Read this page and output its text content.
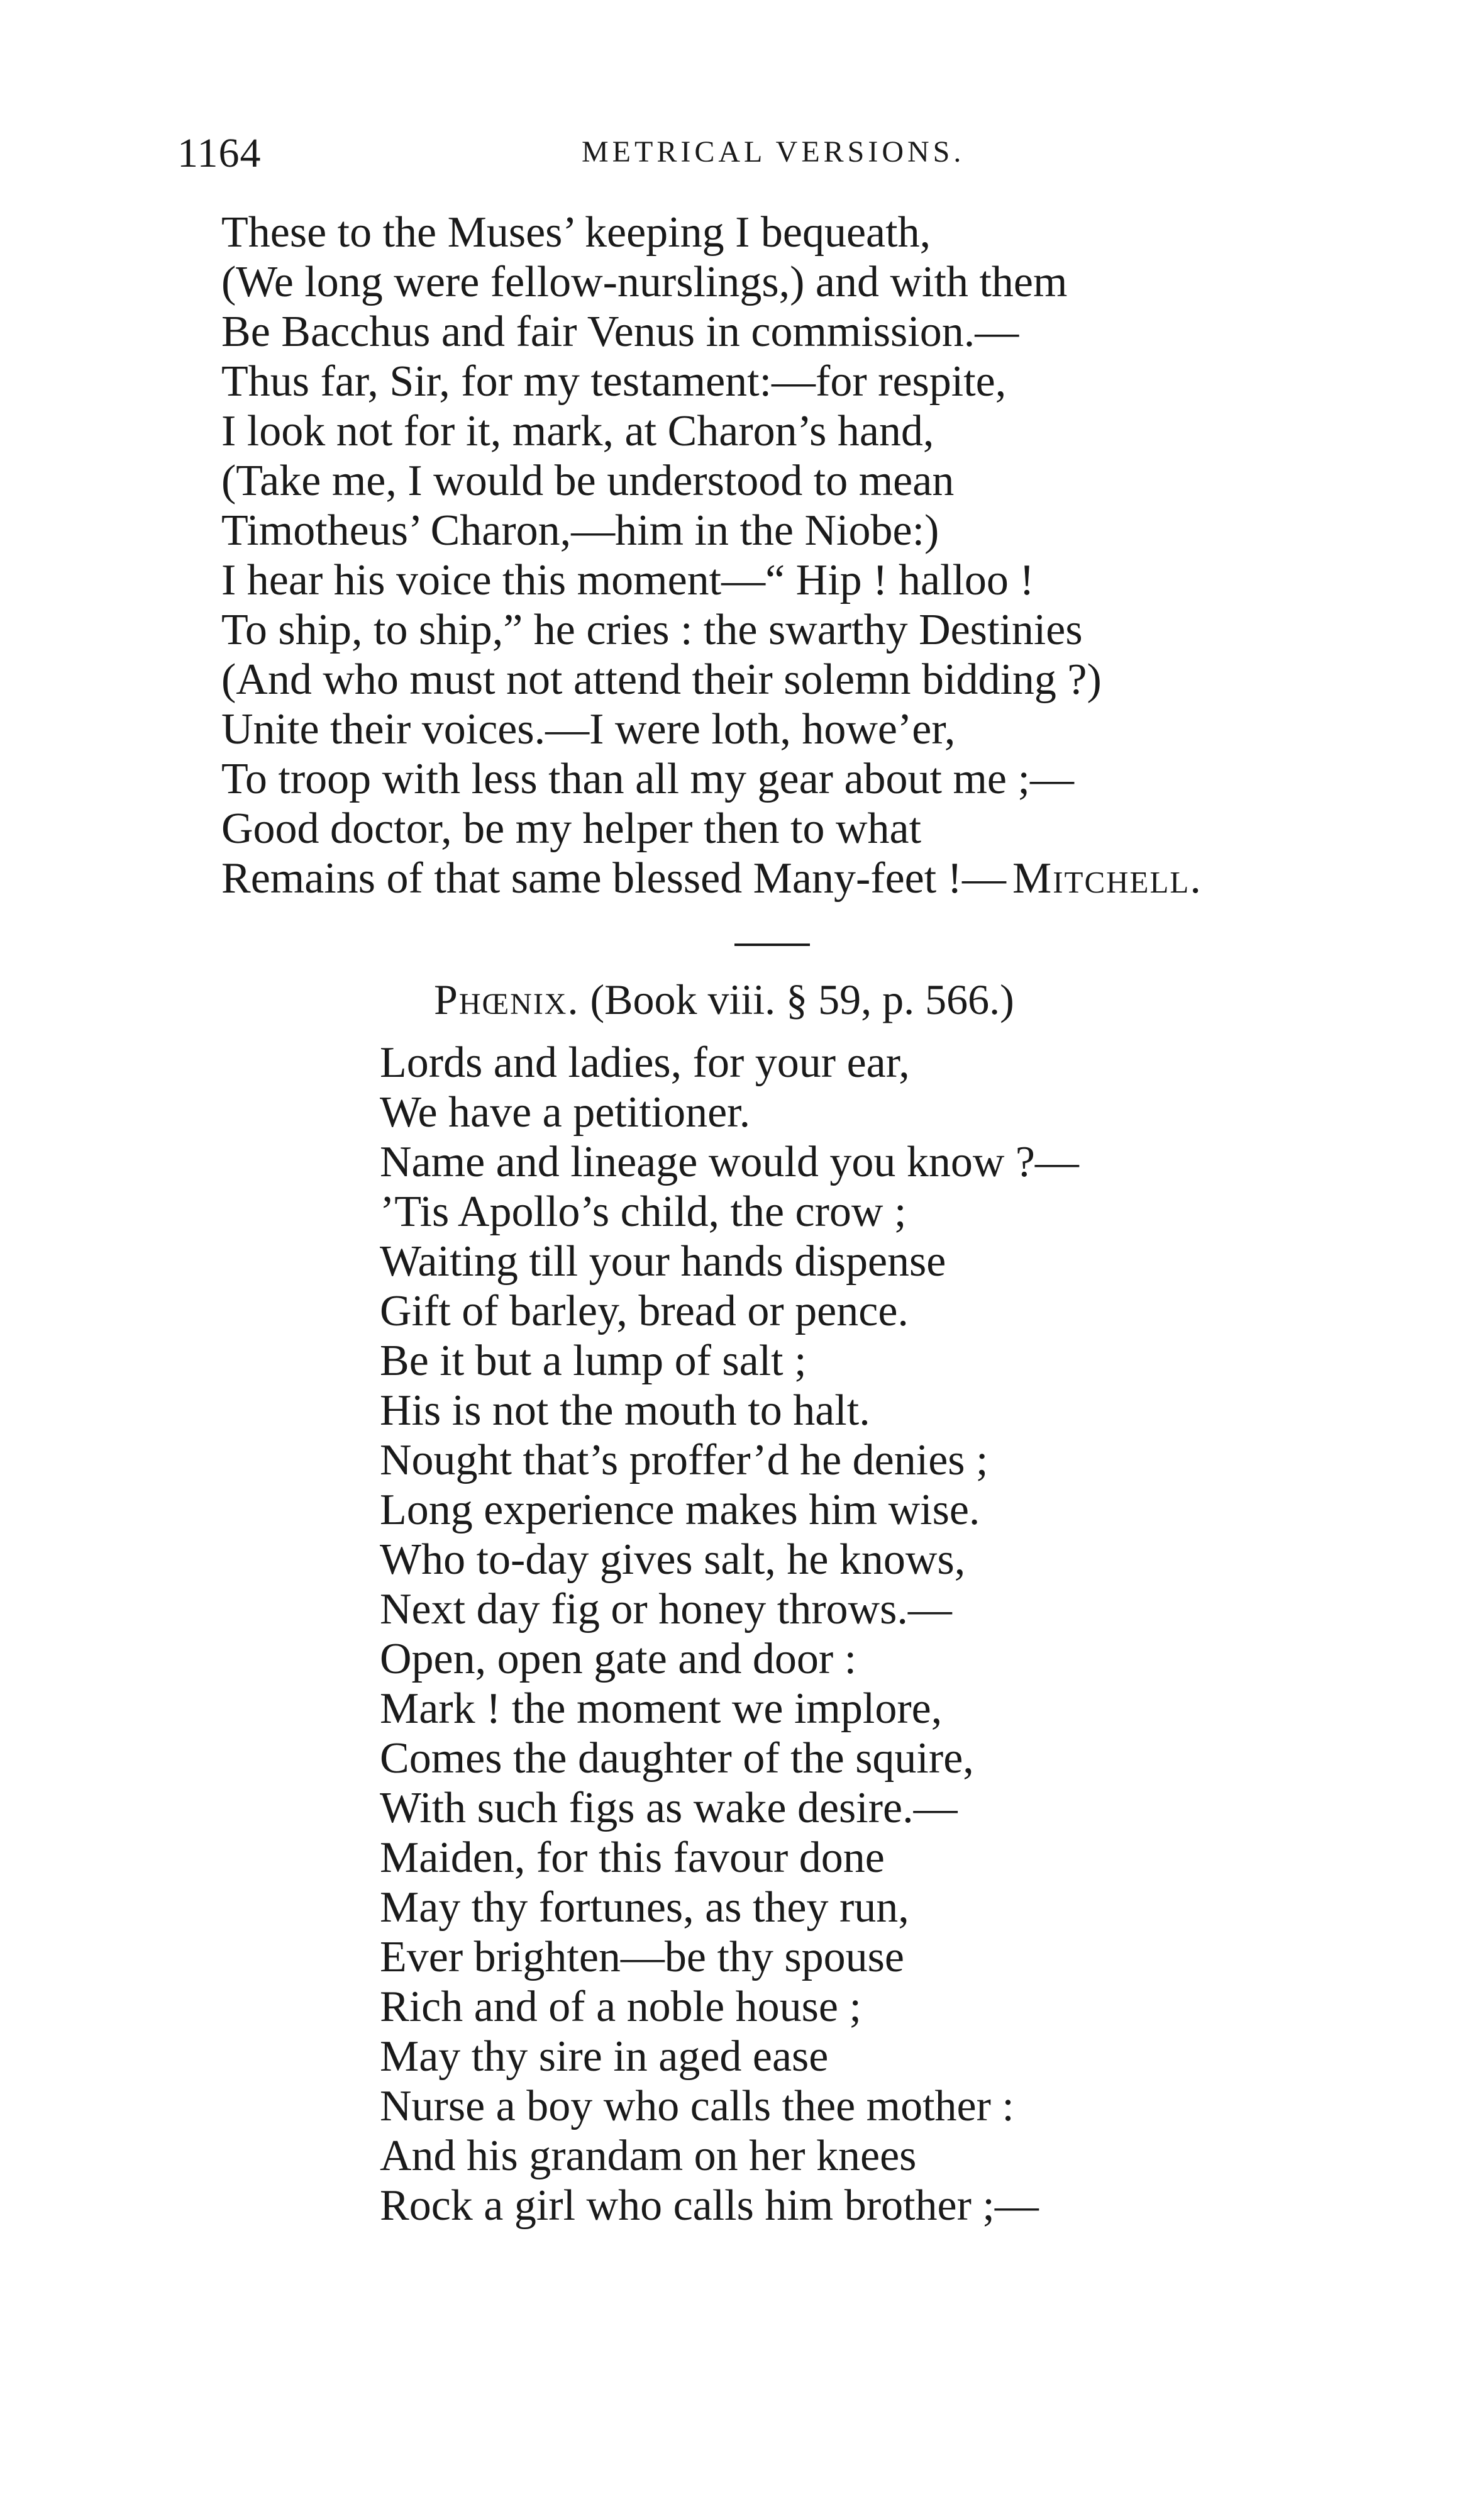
1164	METRICAL VERSIONS.
These to the Muses’ keeping I bequeath,
(We long were fellow-nurslings,) and with them
Be Bacchus and fair Venus in commission.—
Thus far, Sir, for my testament:—for respite,
I look not for it, mark, at Charon’s hand,
(Take me, I would be understood to mean
Timotheus’ Charon,—him in the Niobe:)
I hear his voice this moment—“ Hip ! halloo !
To ship, to ship,” he cries : the swarthy Destinies
(And who must not attend their solemn bidding ?)
Unite their voices.—I were loth, howe’er,
To troop with less than all my gear about me ;—
Good doctor, be my helper then to what
Remains of that same blessed Many-feet !— Mitchell.
Phœnix. (Book viii. § 59, p. 566.)
Lords and ladies, for your ear,
We have a petitioner.
Name and lineage would you know ?—
’Tis Apollo’s child, the crow ;
Waiting till your hands dispense
Gift of barley, bread or pence.
Be it but a lump of salt ;
His is not the mouth to halt.
Nought that’s proffer’d he denies ;
Long experience makes him wise.
Who to-day gives salt, he knows,
Next day fig or honey throws.—
Open, open gate and door :
Mark ! the moment we implore,
Comes the daughter of the squire,
With such figs as wake desire.—
Maiden, for this favour done
May thy fortunes, as they run,
Ever brighten—be thy spouse
Rich and of a noble house ;
May thy sire in aged ease
Nurse a boy who calls thee mother :
And his grandam on her knees
Rock a girl who calls him brother ;—
